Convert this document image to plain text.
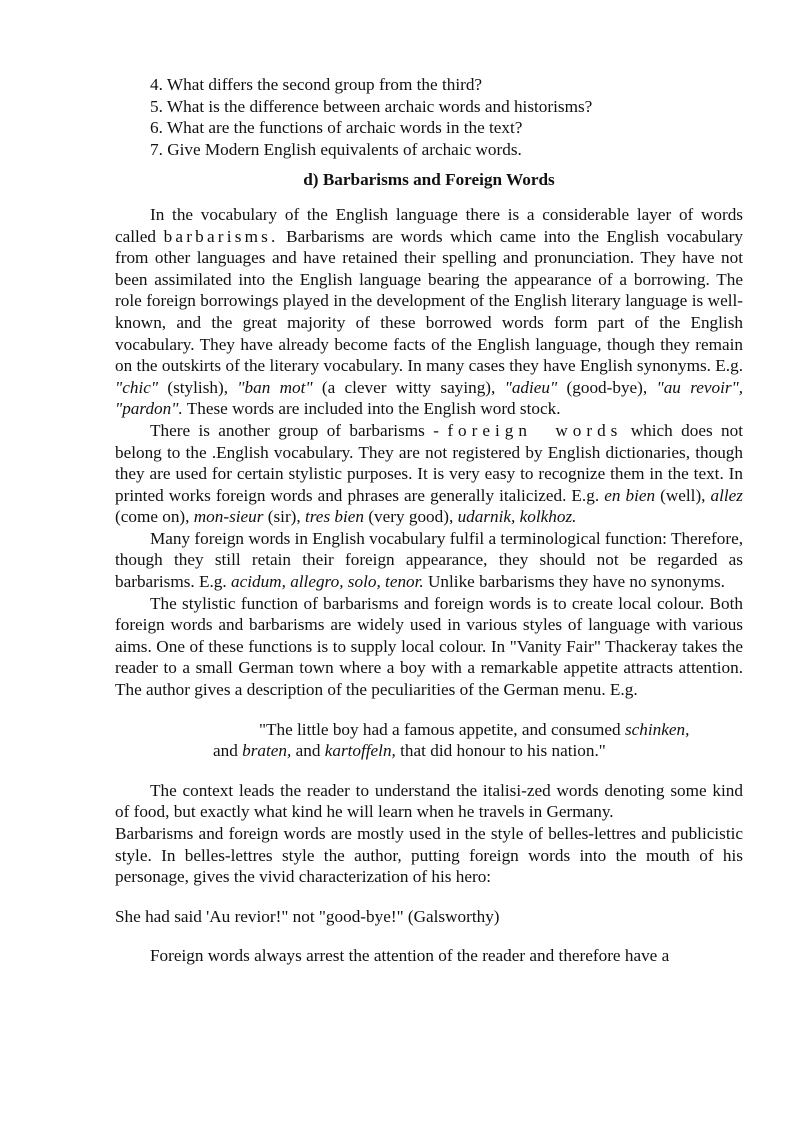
4. What differs the second group from the third?
5. What is the difference between archaic words and historisms?
6. What are the functions of archaic words in the text?
7. Give Modern English equivalents of archaic words.
d) Barbarisms and Foreign Words

In the vocabulary of the English language there is a considerable layer of words called barbarisms. Barbarisms are words which came into the English vocabulary from other languages and have retained their spelling and pronunciation. They have not been assimilated into the English language bearing the appearance of a borrowing. The role foreign borrowings played in the development of the English literary language is well-known, and the great majority of these borrowed words form part of the English vocabulary. They have already become facts of the English language, though they remain on the outskirts of the literary vocabulary. In many cases they have English synonyms. E.g. "chic" (stylish), "ban mot" (a clever witty saying), "adieu" (good-bye), "au revoir", "pardon". These words are included into the English word stock.

There is another group of barbarisms - foreign words which does not belong to the .English vocabulary. They are not registered by English dictionaries, though they are used for certain stylistic purposes. It is very easy to recognize them in the text. In printed works foreign words and phrases are generally italicized. E.g. en bien (well), allez (come on), mon-sieur (sir), tres bien (very good), udarnik, kolkhoz.

Many foreign words in English vocabulary fulfil a terminological function: Therefore, though they still retain their foreign appearance, they should not be regarded as barbarisms. E.g. acidum, allegro, solo, tenor. Unlike barbarisms they have no synonyms.

The stylistic function of barbarisms and foreign words is to create local colour. Both foreign words and barbarisms are widely used in various styles of language with various aims. One of these functions is to supply local colour. In "Vanity Fair" Thackeray takes the reader to a small German town where a boy with a remarkable appetite attracts attention. The author gives a description of the peculiarities of the German menu. E.g.

"The little boy had a famous appetite, and consumed schinken,
and braten, and kartoffeln, that did honour to his nation."

The context leads the reader to understand the italisi-zed words denoting some kind of food, but exactly what kind he will learn when he travels in Germany.

Barbarisms and foreign words are mostly used in the style of belles-lettres and publicistic style. In belles-lettres style the author, putting foreign words into the mouth of his personage, gives the vivid characterization of his hero:

She had said 'Au revior!" not "good-bye!" (Galsworthy)

Foreign words always arrest the attention of the reader and therefore have a
